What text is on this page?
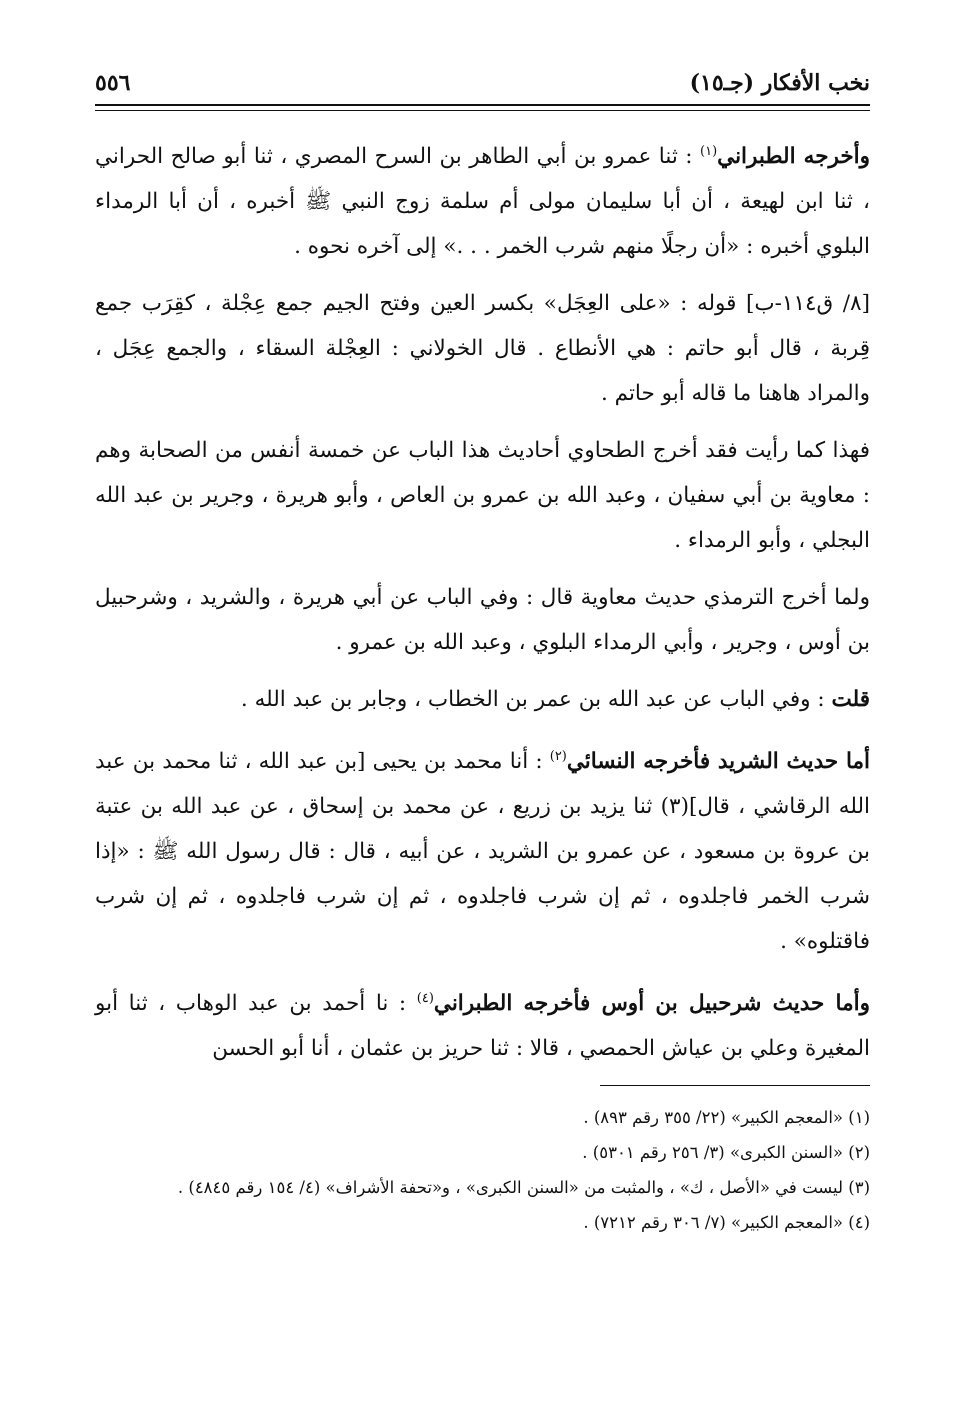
نخب الأفكار (جـ١٥)
٥٥٦

وأخرجه الطبراني$^{(١)}$ : ثنا عمرو بن أبي الطاهر بن السرح المصري ، ثنا أبو صالح الحراني ، ثنا ابن لهيعة ، أن أبا سليمان مولى أم سلمة زوج النبي ﷺ أخبره ، أن أبا الرمداء البلوي أخبره : «أن رجلًا منهم شرب الخمر . . .» إلى آخره نحوه .

[٨/ ق١١٤-ب] قوله : «على العِجَل» بكسر العين وفتح الجيم جمع عِجْلة ، كقِرَب جمع قِربة ، قال أبو حاتم : هي الأنطاع . قال الخولاني : العِجْلة السقاء ، والجمع عِجَل ، والمراد هاهنا ما قاله أبو حاتم .

فهذا كما رأيت فقد أخرج الطحاوي أحاديث هذا الباب عن خمسة أنفس من الصحابة وهم : معاوية بن أبي سفيان ، وعبد الله بن عمرو بن العاص ، وأبو هريرة ، وجرير بن عبد الله البجلي ، وأبو الرمداء .

ولما أخرج الترمذي حديث معاوية قال : وفي الباب عن أبي هريرة ، والشريد ، وشرحبيل بن أوس ، وجرير ، وأبي الرمداء البلوي ، وعبد الله بن عمرو .

قلت : وفي الباب عن عبد الله بن عمر بن الخطاب ، وجابر بن عبد الله .

أما حديث الشريد فأخرجه النسائي$^{(٢)}$ : أنا محمد بن يحيى [بن عبد الله ، ثنا محمد بن عبد الله الرقاشي ، قال](٣) ثنا يزيد بن زريع ، عن محمد بن إسحاق ، عن عبد الله بن عتبة بن عروة بن مسعود ، عن عمرو بن الشريد ، عن أبيه ، قال : قال رسول الله ﷺ : «إذا شرب الخمر فاجلدوه ، ثم إن شرب فاجلدوه ، ثم إن شرب فاجلدوه ، ثم إن شرب فاقتلوه» .

وأما حديث شرحبيل بن أوس فأخرجه الطبراني$^{(٤)}$ : نا أحمد بن عبد الوهاب ، ثنا أبو المغيرة وعلي بن عياش الحمصي ، قالا : ثنا حريز بن عثمان ، أنا أبو الحسن

(١) «المعجم الكبير» (٢٢/ ٣٥٥ رقم ٨٩٣) .

(٢) «السنن الكبرى» (٣/ ٢٥٦ رقم ٥٣٠١) .

(٣) ليست في «الأصل ، ك» ، والمثبت من «السنن الكبرى» ، و«تحفة الأشراف» (٤/ ١٥٤ رقم ٤٨٤٥) .

(٤) «المعجم الكبير» (٧/ ٣٠٦ رقم ٧٢١٢) .
